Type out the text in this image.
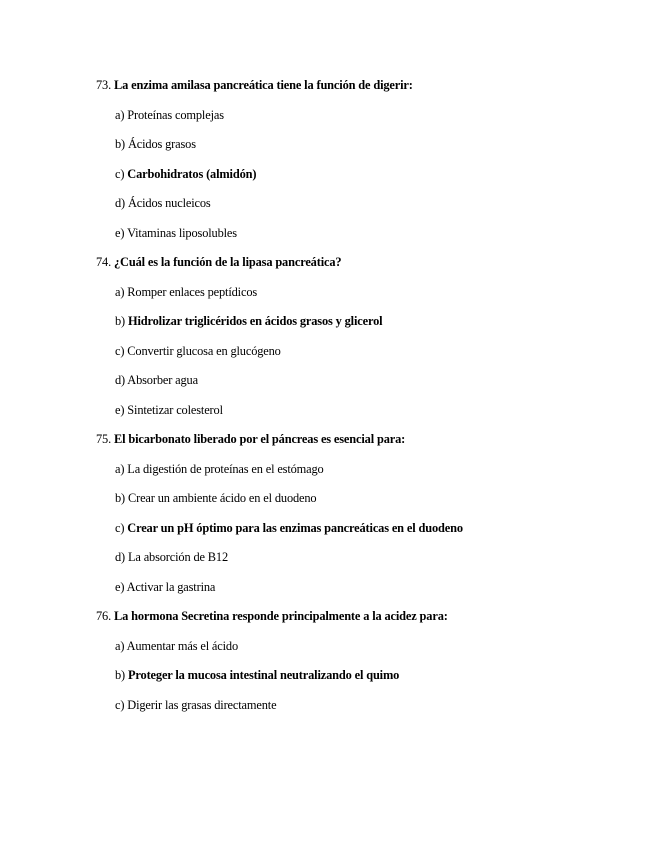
73. La enzima amilasa pancreática tiene la función de digerir:
a) Proteínas complejas
b) Ácidos grasos
c) Carbohidratos (almidón)
d) Ácidos nucleicos
e) Vitaminas liposolubles
74. ¿Cuál es la función de la lipasa pancreática?
a) Romper enlaces peptídicos
b) Hidrolizar triglicéridos en ácidos grasos y glicerol
c) Convertir glucosa en glucógeno
d) Absorber agua
e) Sintetizar colesterol
75. El bicarbonato liberado por el páncreas es esencial para:
a) La digestión de proteínas en el estómago
b) Crear un ambiente ácido en el duodeno
c) Crear un pH óptimo para las enzimas pancreáticas en el duodeno
d) La absorción de B12
e) Activar la gastrina
76. La hormona Secretina responde principalmente a la acidez para:
a) Aumentar más el ácido
b) Proteger la mucosa intestinal neutralizando el quimo
c) Digerir las grasas directamente
